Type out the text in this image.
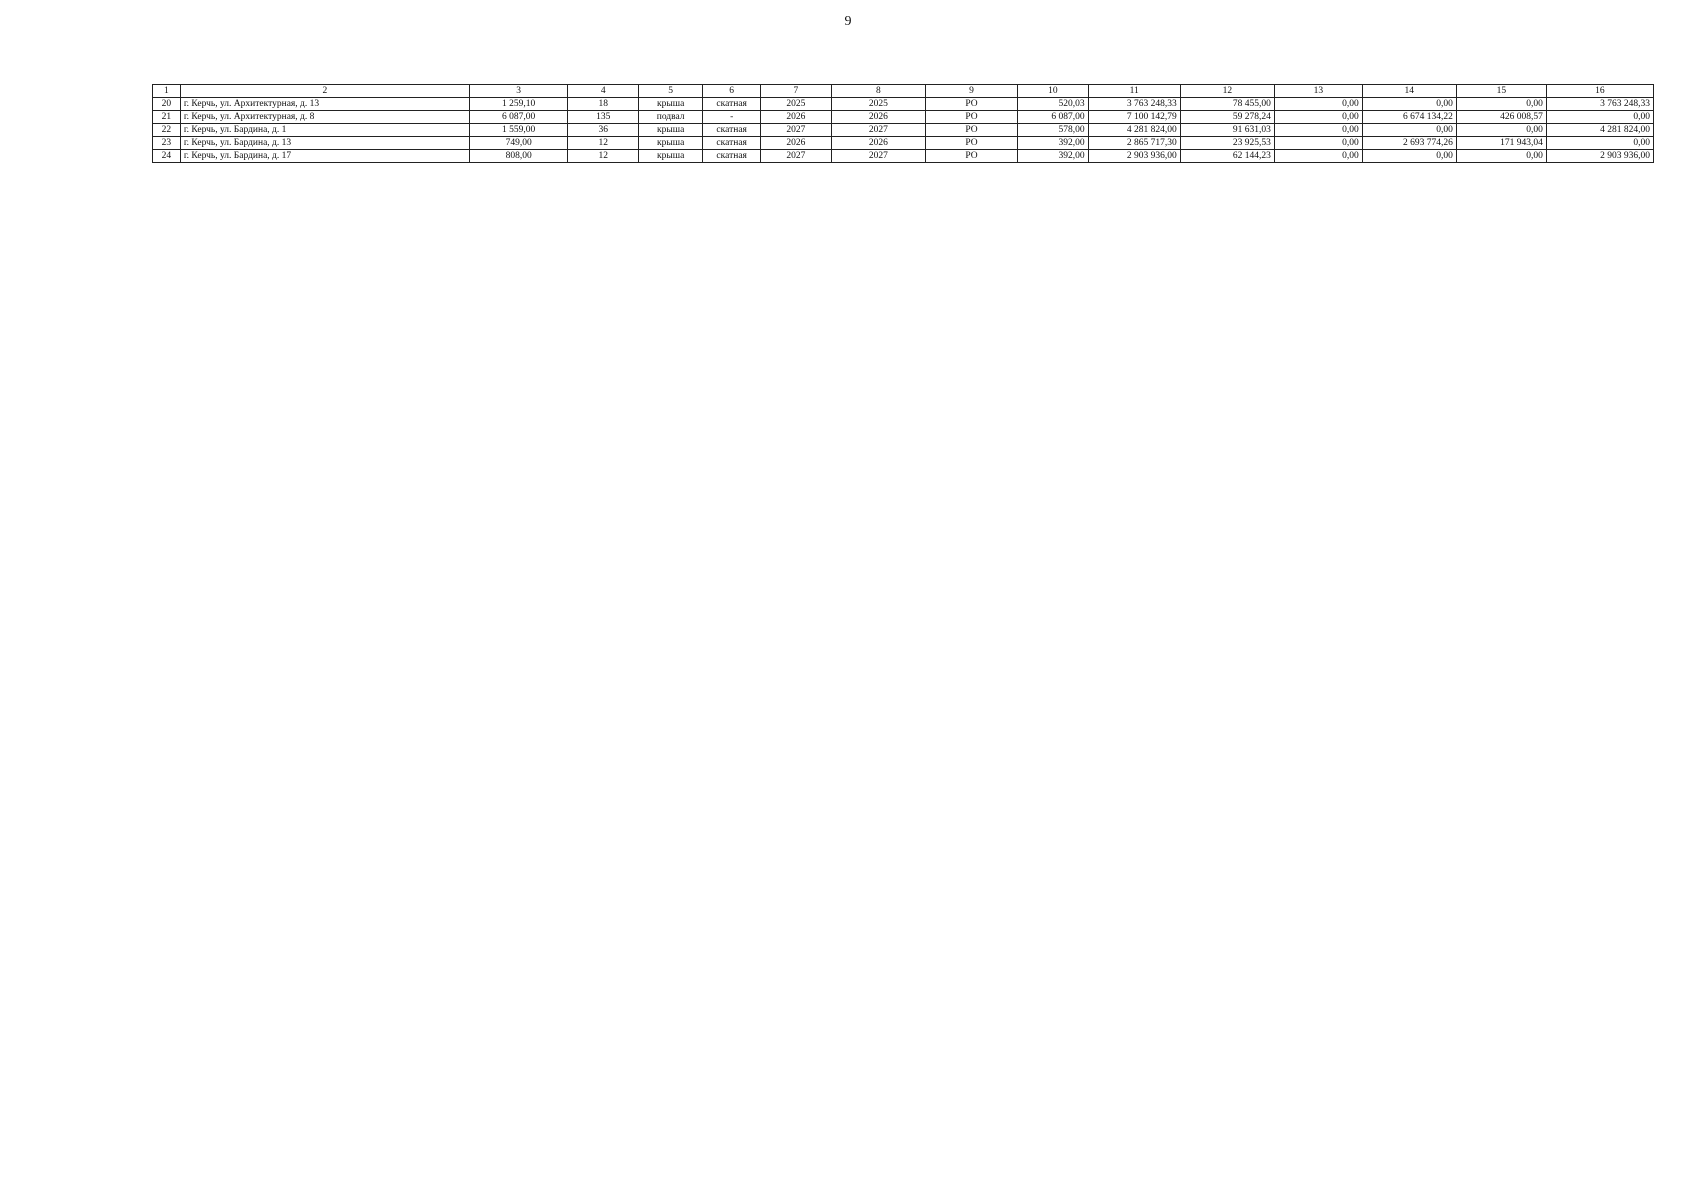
9
1	2	3	4	5	6	7	8	9	10	11	12	13	14	15	16
20	г. Керчь, ул. Архитектурная, д. 13	1 259,10	18	крыша	скатная	2025	2025	РО	520,03	3 763 248,33	78 455,00	0,00	0,00	0,00	3 763 248,33
21	г. Керчь, ул. Архитектурная, д. 8	6 087,00	135	подвал	-	2026	2026	РО	6 087,00	7 100 142,79	59 278,24	0,00	6 674 134,22	426 008,57	0,00
22	г. Керчь, ул. Бардина, д. 1	1 559,00	36	крыша	скатная	2027	2027	РО	578,00	4 281 824,00	91 631,03	0,00	0,00	0,00	4 281 824,00
23	г. Керчь, ул. Бардина, д. 13	749,00	12	крыша	скатная	2026	2026	РО	392,00	2 865 717,30	23 925,53	0,00	2 693 774,26	171 943,04	0,00
24	г. Керчь, ул. Бардина, д. 17	808,00	12	крыша	скатная	2027	2027	РО	392,00	2 903 936,00	62 144,23	0,00	0,00	0,00	2 903 936,00
